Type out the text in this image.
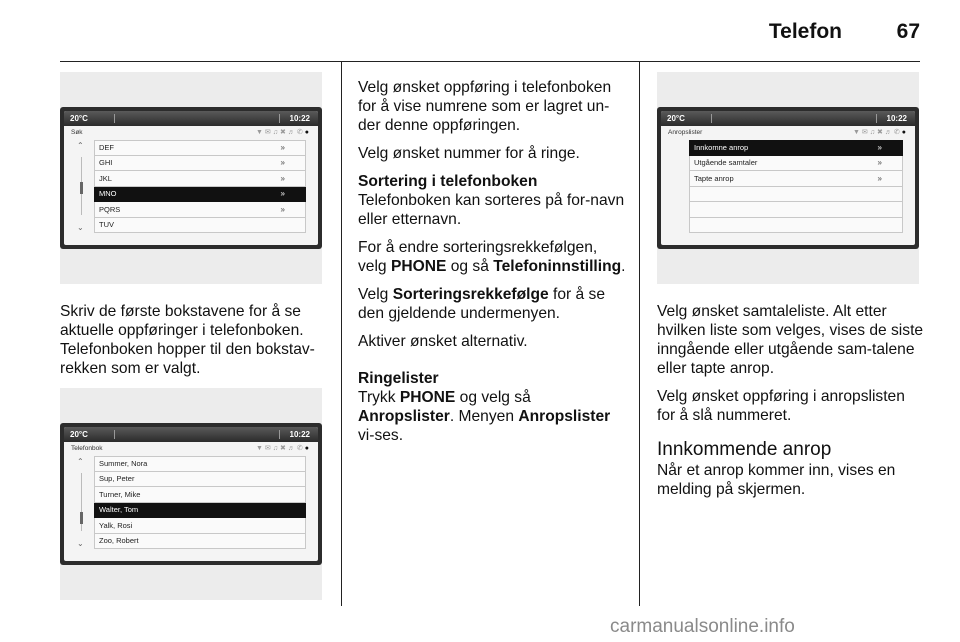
Telefon	67
20°C	10:22
Søk	▼✉♫✖♬✆●
⌃
⌄
DEF	»
GHI	»
JKL	»
MNO	»
PQRS	»
TUV

Skriv de første bokstavene for å se aktuelle oppføringer i telefonboken. Telefonboken hopper til den bokstav-rekken som er valgt.

20°C	10:22
Telefonbok	▼✉♫✖♬✆●
⌃
⌄
Summer, Nora
Sup, Peter
Turner, Mike
Walter, Tom
Yalk, Rosi
Zoo, Robert

Velg ønsket oppføring i telefonboken for å vise numrene som er lagret un-der denne oppføringen.

Velg ønsket nummer for å ringe.

Sortering i telefonboken

Telefonboken kan sorteres på for-navn eller etternavn.

For å endre sorteringsrekkefølgen, velg PHONE og så Telefoninnstilling.

Velg Sorteringsrekkefølge for å se den gjeldende undermenyen.

Aktiver ønsket alternativ.

Ringelister

Trykk PHONE og velg så Anropslister. Menyen Anropslister vi-ses.

20°C	10:22
Anropslister	▼✉♫✖♬✆●
Innkomne anrop	»
Utgående samtaler	»
Tapte anrop	»

Velg ønsket samtaleliste. Alt etter hvilken liste som velges, vises de siste inngående eller utgående sam-talene eller tapte anrop.

Velg ønsket oppføring i anropslisten for å slå nummeret.

Innkommende anrop

Når et anrop kommer inn, vises en melding på skjermen.

carmanualsonline.info
